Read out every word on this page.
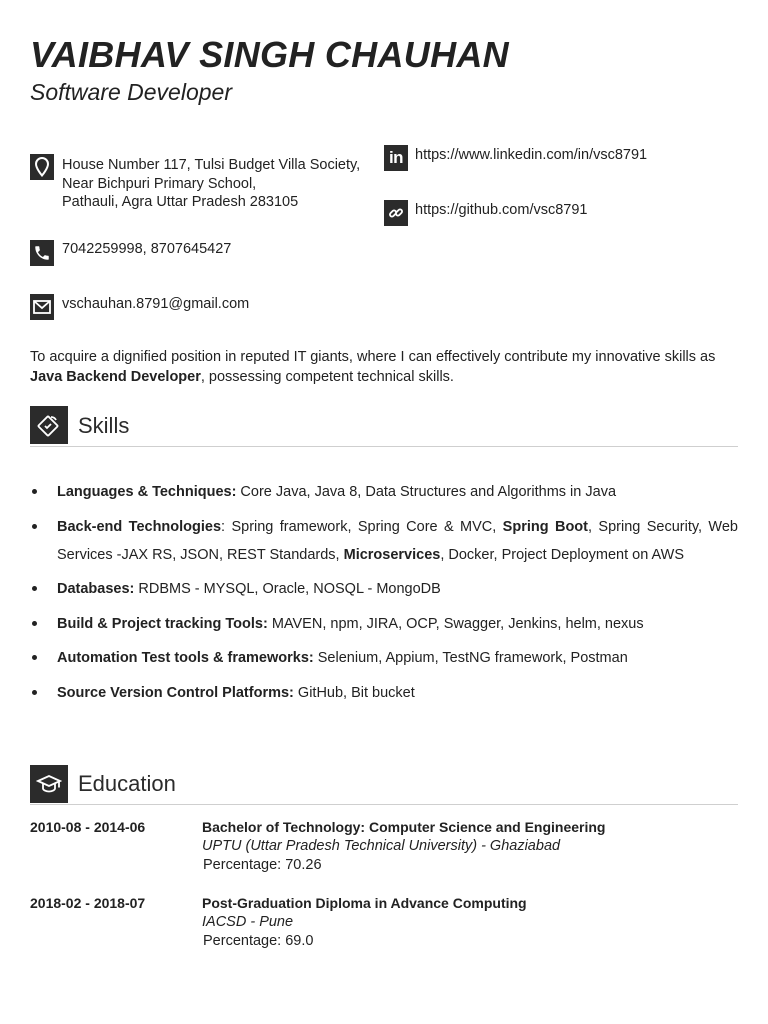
VAIBHAV SINGH CHAUHAN
Software Developer
House Number 117, Tulsi Budget Villa Society,
Near Bichpuri Primary School,
Pathauli, Agra Uttar Pradesh 283105
7042259998, 8707645427
vschauhan.8791@gmail.com
in https://www.linkedin.com/in/vsc8791
https://github.com/vsc8791
To acquire a dignified position in reputed IT giants, where I can effectively contribute my innovative skills as Java Backend Developer, possessing competent technical skills.
Skills
Languages & Techniques: Core Java, Java 8, Data Structures and Algorithms in Java
Back-end Technologies: Spring framework, Spring Core & MVC, Spring Boot, Spring Security, Web Services -JAX RS, JSON, REST Standards, Microservices, Docker, Project Deployment on AWS
Databases: RDBMS - MYSQL, Oracle, NOSQL - MongoDB
Build & Project tracking Tools: MAVEN, npm, JIRA, OCP, Swagger, Jenkins, helm, nexus
Automation Test tools & frameworks: Selenium, Appium, TestNG framework, Postman
Source Version Control Platforms: GitHub, Bit bucket
Education
2010-08 - 2014-06	Bachelor of Technology: Computer Science and Engineering
UPTU (Uttar Pradesh Technical University) - Ghaziabad
Percentage: 70.26
2018-02 - 2018-07	Post-Graduation Diploma in Advance Computing
IACSD - Pune
Percentage: 69.0
